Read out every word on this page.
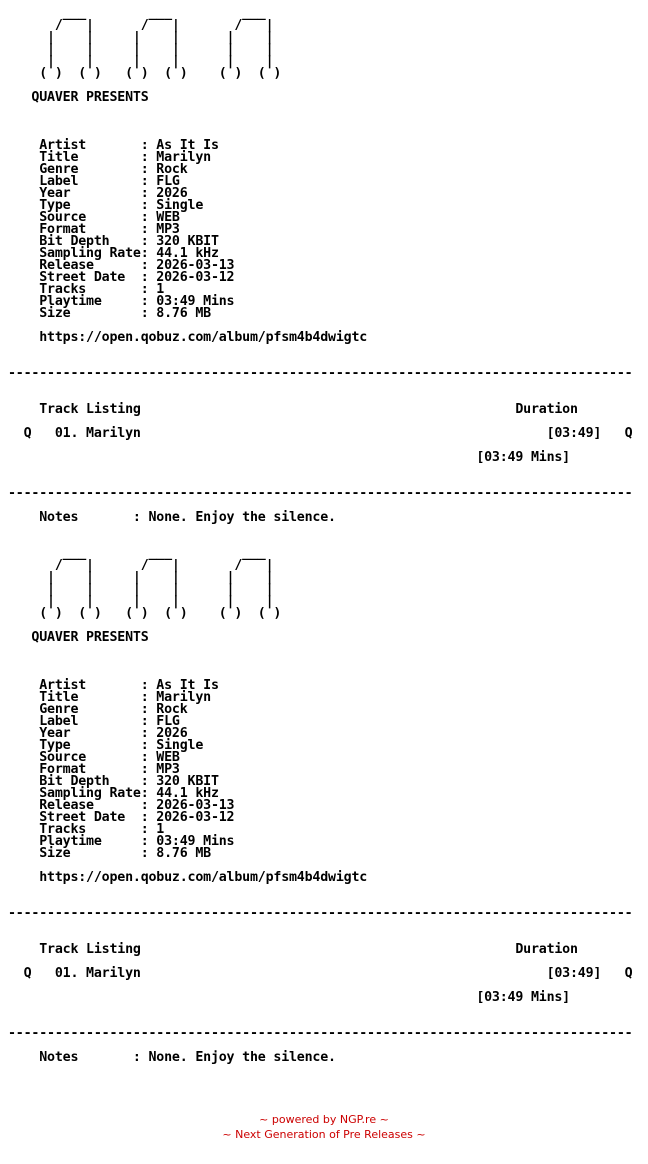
___        ___         ___
/   |      /   |       /   |
|    |     |    |      |    |
|    |     |    |      |    |
|    |     |    |      |    |
( )  ( )   ( )  ( )    ( )  ( )
QUAVER PRESENTS
Artist       : As It Is
Title        : Marilyn
Genre        : Rock
Label        : FLG
Year         : 2026
Type         : Single
Source       : WEB
Format       : MP3
Bit Depth    : 320 KBIT
Sampling Rate: 44.1 kHz
Release      : 2026-03-13
Street Date  : 2026-03-12
Tracks       : 1
Playtime     : 03:49 Mins
Size         : 8.76 MB
https://open.qobuz.com/album/pfsm4b4dwigtc
--------------------------------------------------------------------------------
Track Listing                                                Duration
Q   01. Marilyn                                                    [03:49]   Q
[03:49 Mins]
--------------------------------------------------------------------------------
Notes       : None. Enjoy the silence.
___        ___         ___
/   |      /   |       /   |
|    |     |    |      |    |
|    |     |    |      |    |
|    |     |    |      |    |
( )  ( )   ( )  ( )    ( )  ( )
QUAVER PRESENTS
Artist       : As It Is
Title        : Marilyn
Genre        : Rock
Label        : FLG
Year         : 2026
Type         : Single
Source       : WEB
Format       : MP3
Bit Depth    : 320 KBIT
Sampling Rate: 44.1 kHz
Release      : 2026-03-13
Street Date  : 2026-03-12
Tracks       : 1
Playtime     : 03:49 Mins
Size         : 8.76 MB
https://open.qobuz.com/album/pfsm4b4dwigtc
--------------------------------------------------------------------------------
Track Listing                                                Duration
Q   01. Marilyn                                                    [03:49]   Q
[03:49 Mins]
--------------------------------------------------------------------------------
Notes       : None. Enjoy the silence.
~ powered by NGP.re ~
~ Next Generation of Pre Releases ~
